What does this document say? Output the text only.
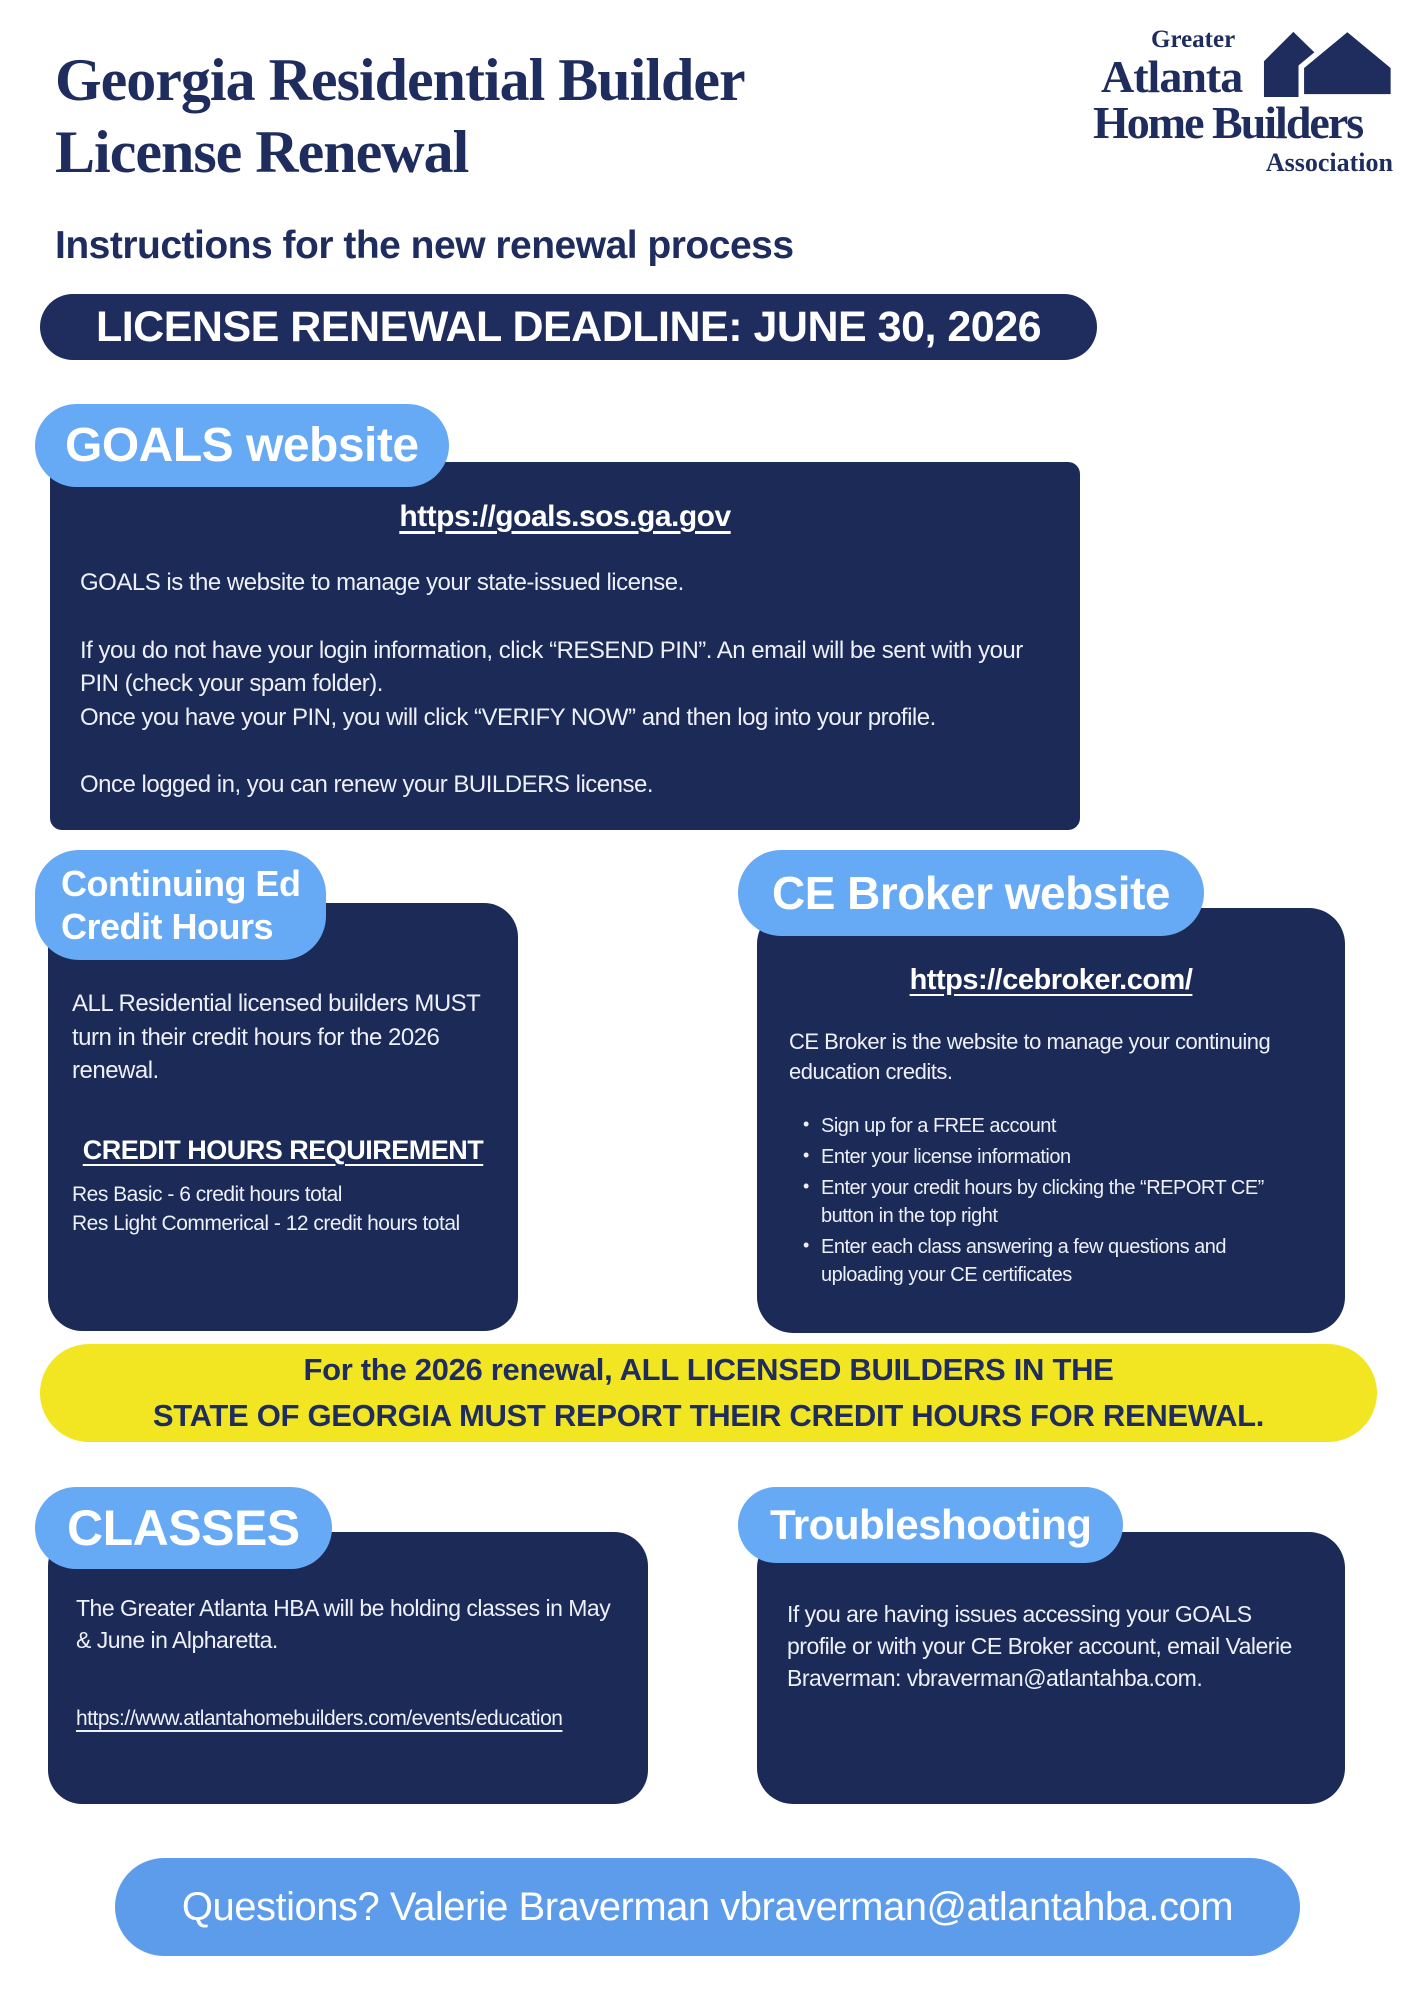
Georgia Residential Builder
License Renewal
Greater
Atlanta
Home Builders
Association
Instructions for the new renewal process
LICENSE RENEWAL DEADLINE: JUNE 30, 2026
GOALS website
https://goals.sos.ga.gov

GOALS is the website to manage your state-issued license.

If you do not have your login information, click “RESEND PIN”. An email will be sent with your PIN (check your spam folder).

Once you have your PIN, you will click “VERIFY NOW” and then log into your profile.

Once logged in, you can renew your BUILDERS license.

Continuing Ed
Credit Hours

ALL Residential licensed builders MUST turn in their credit hours for the 2026 renewal.

CREDIT HOURS REQUIREMENT
Res Basic - 6 credit hours total
Res Light Commerical - 12 credit hours total
CE Broker website
https://cebroker.com/

CE Broker is the website to manage your continuing education credits.

• Sign up for a FREE account
• Enter your license information
• Enter your credit hours by clicking the “REPORT CE” button in the top right
• Enter each class answering a few questions and uploading your CE certificates
For the 2026 renewal, ALL LICENSED BUILDERS IN THE
STATE OF GEORGIA MUST REPORT THEIR CREDIT HOURS FOR RENEWAL.
CLASSES

The Greater Atlanta HBA will be holding classes in May & June in Alpharetta.

https://www.atlantahomebuilders.com/events/education
Troubleshooting

If you are having issues accessing your GOALS profile or with your CE Broker account, email Valerie Braverman: vbraverman@atlantahba.com.

Questions? Valerie Braverman vbraverman@atlantahba.com
